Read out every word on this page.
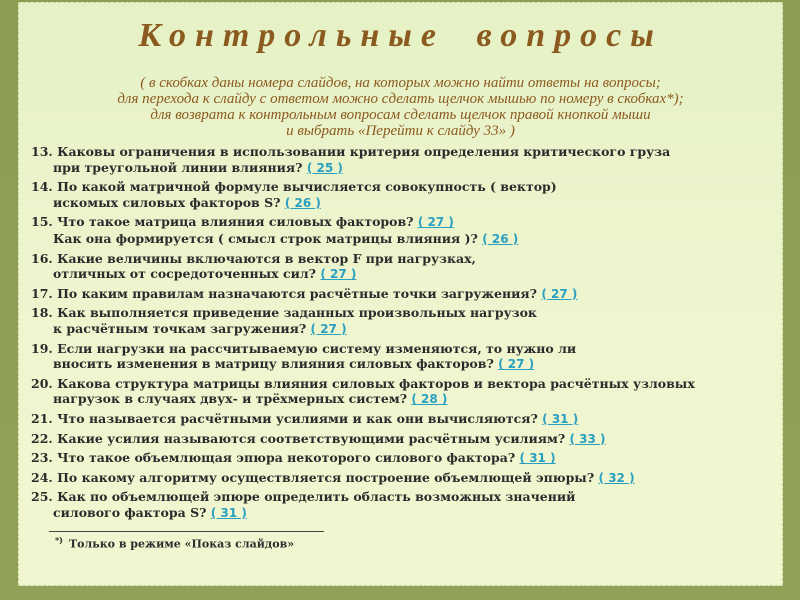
Контрольные вопросы
( в скобках даны номера слайдов, на которых можно найти ответы на вопросы;
для перехода к слайду с ответом можно сделать щелчок мышью по номеру в скобках*);
для возврата к контрольным вопросам сделать щелчок правой кнопкой мыши
и выбрать «Перейти к слайду 33» )
13. Каковы ограничения в использовании критерия определения критического груза
при треугольной линии влияния? ( 25 )
14. По какой матричной формуле вычисляется совокупность ( вектор)
искомых силовых факторов S? ( 26 )
15. Что такое матрица влияния силовых факторов? ( 27 )
Как она формируется ( смысл строк матрицы влияния )? ( 26 )
16. Какие величины включаются в вектор F при нагрузках,
отличных от сосредоточенных сил? ( 27 )
17. По каким правилам назначаются расчётные точки загружения? ( 27 )
18. Как выполняется приведение заданных произвольных нагрузок
к расчётным точкам загружения? ( 27 )
19. Если нагрузки на рассчитываемую систему изменяются, то нужно ли
вносить изменения в матрицу влияния силовых факторов? ( 27 )
20. Какова структура матрицы влияния силовых факторов и вектора расчётных узловых
нагрузок в случаях двух- и трёхмерных систем? ( 28 )
21. Что называется расчётными усилиями и как они вычисляются? ( 31 )
22. Какие усилия называются соответствующими расчётным усилиям? ( 33 )
23. Что такое объемлющая эпюра некоторого силового фактора? ( 31 )
24. По какому алгоритму осуществляется построение объемлющей эпюры? ( 32 )
25. Как по объемлющей эпюре определить область возможных значений
силового фактора S? ( 31 )
*) Только в режиме «Показ слайдов»
